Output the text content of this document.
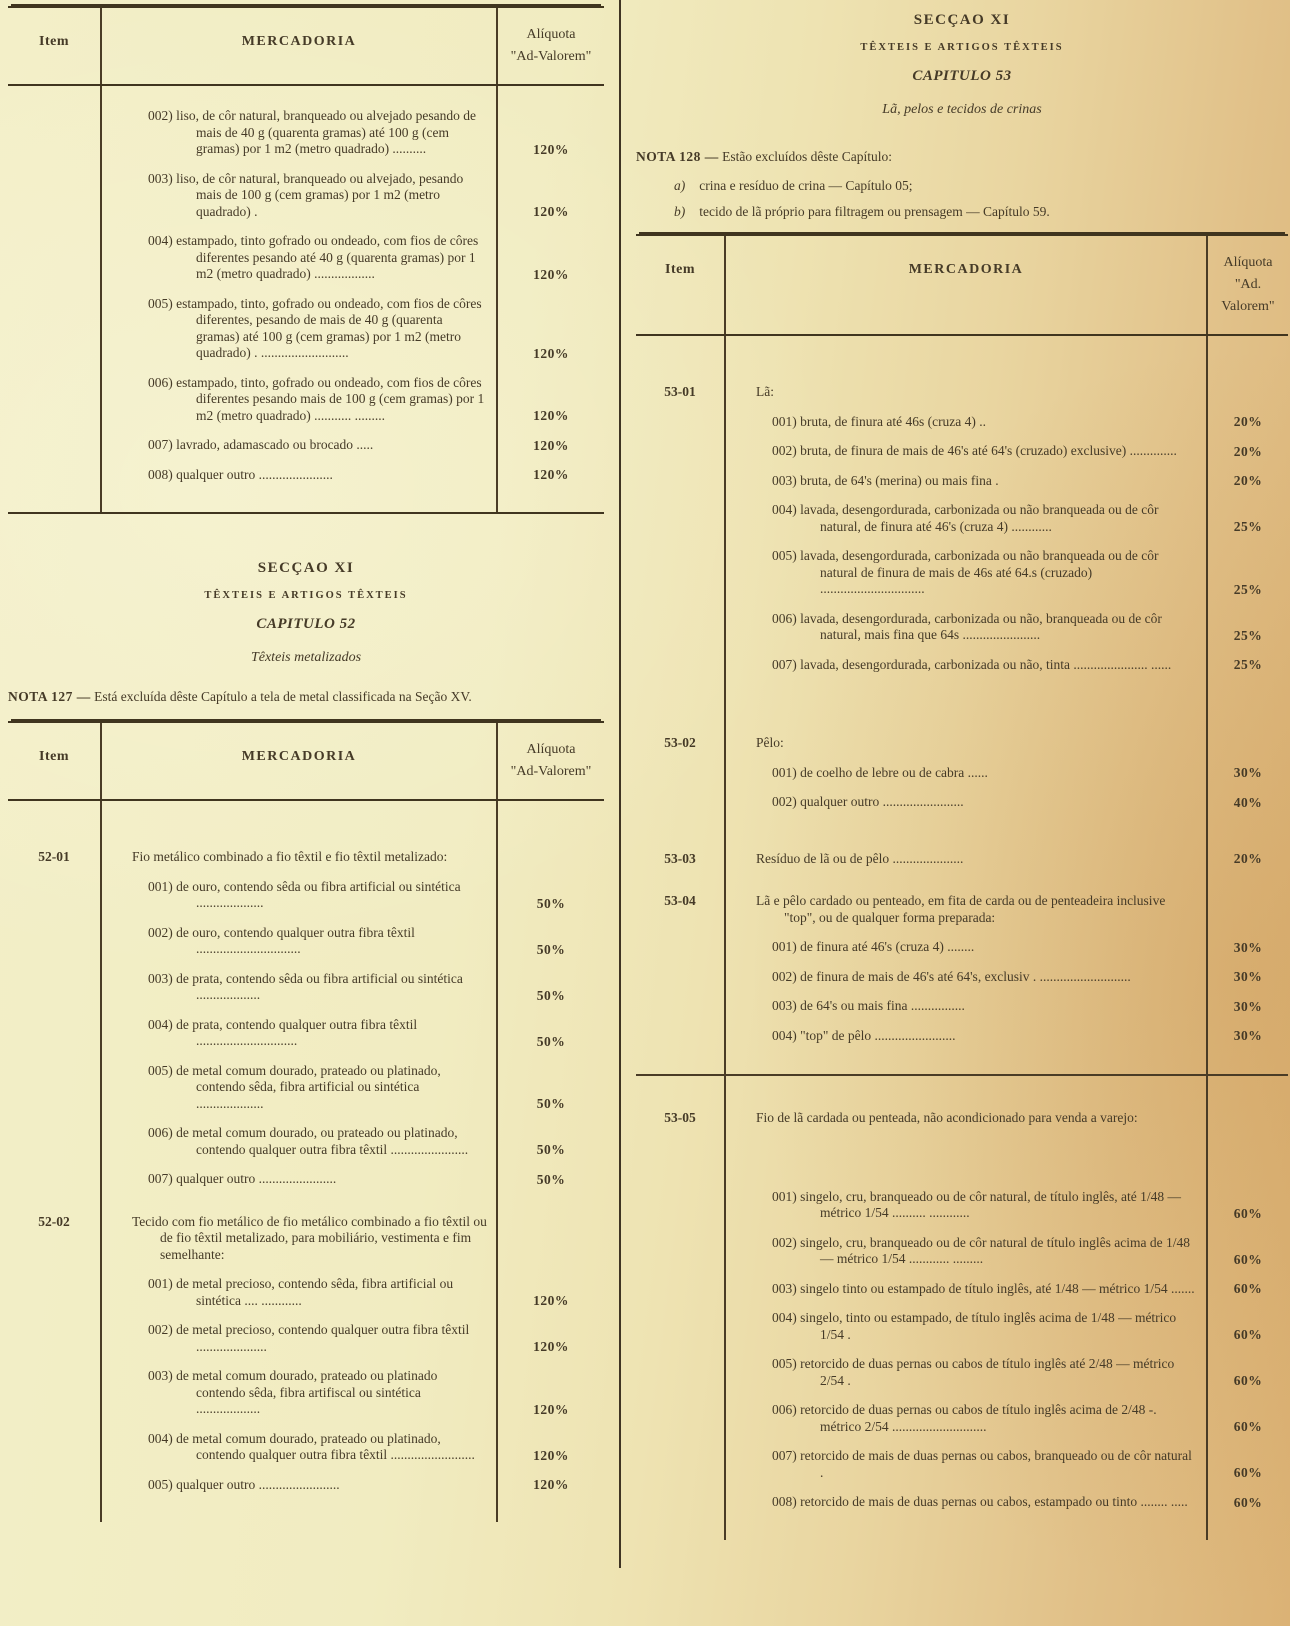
Item	MERCADORIA	Alíquota
"Ad-Valorem"
002) liso, de côr natural, branqueado ou alvejado pesando de mais de 40 g (quarenta gramas) até 100 g (cem gramas) por 1 m2 (metro quadrado) ..........	120%
003) liso, de côr natural, branqueado ou alvejado, pesando mais de 100 g (cem gramas) por 1 m2 (metro quadrado) .	120%
004) estampado, tinto gofrado ou ondeado, com fios de côres diferentes pesando até 40 g (quarenta gramas) por 1 m2 (metro quadrado) ..................	120%
005) estampado, tinto, gofrado ou ondeado, com fios de côres diferentes, pesando de mais de 40 g (quarenta gramas) até 100 g (cem gramas) por 1 m2 (metro quadrado) . ..........................	120%
006) estampado, tinto, gofrado ou ondeado, com fios de côres diferentes pesando mais de 100 g (cem gramas) por 1 m2 (metro quadrado) ........... .........	120%
007) lavrado, adamascado ou brocado .....	120%
008) qualquer outro ......................	120%
SECÇAO XI
TÊXTEIS E ARTIGOS TÊXTEIS
CAPITULO 52
Têxteis metalizados
NOTA 127 — Está excluída dêste Capítulo a tela de metal classificada na Seção XV.
Item	MERCADORIA	Alíquota
"Ad-Valorem"
52-01	Fio metálico combinado a fio têxtil e fio têxtil metalizado:
001) de ouro, contendo sêda ou fibra artificial ou sintética ....................	50%
002) de ouro, contendo qualquer outra fibra têxtil ...............................	50%
003) de prata, contendo sêda ou fibra artificial ou sintética ...................	50%
004) de prata, contendo qualquer outra fibra têxtil ..............................	50%
005) de metal comum dourado, prateado ou platinado, contendo sêda, fibra artificial ou sintética ....................	50%
006) de metal comum dourado, ou prateado ou platinado, contendo qualquer outra fibra têxtil .......................	50%
007) qualquer outro .......................	50%
52-02	Tecido com fio metálico de fio metálico combinado a fio têxtil ou de fio têxtil metalizado, para mobiliário, vestimenta e fim semelhante:
001) de metal precioso, contendo sêda, fibra artificial ou sintética .... ............	120%
002) de metal precioso, contendo qualquer outra fibra têxtil .....................	120%
003) de metal comum dourado, prateado ou platinado contendo sêda, fibra artifiscal ou sintética ...................	120%
004) de metal comum dourado, prateado ou platinado, contendo qualquer outra fibra têxtil .........................	120%
005) qualquer outro ........................	120%
SECÇAO XI
TÊXTEIS E ARTIGOS TÊXTEIS
CAPITULO 53
Lã, pelos e tecidos de crinas
NOTA 128 — Estão excluídos dêste Capítulo:
a) crina e resíduo de crina — Capítulo 05;
b) tecido de lã próprio para filtragem ou prensagem — Capítulo 59.
Item	MERCADORIA	Alíquota
"Ad. Valorem"
53-01	Lã:
001) bruta, de finura até 46s (cruza 4) ..	20%
002) bruta, de finura de mais de 46's até 64's (cruzado) exclusive) ..............	20%
003) bruta, de 64's (merina) ou mais fina .	20%
004) lavada, desengordurada, carbonizada ou não branqueada ou de côr natural, de finura até 46's (cruza 4) ............	25%
005) lavada, desengordurada, carbonizada ou não branqueada ou de côr natural de finura de mais de 46s até 64.s (cruzado) ...............................	25%
006) lavada, desengordurada, carbonizada ou não, branqueada ou de côr natural, mais fina que 64s .......................	25%
007) lavada, desengordurada, carbonizada ou não, tinta ...................... ......	25%
53-02	Pêlo:
001) de coelho de lebre ou de cabra ......	30%
002) qualquer outro ........................	40%
53-03	Resíduo de lã ou de pêlo .....................	20%
53-04	Lã e pêlo cardado ou penteado, em fita de carda ou de penteadeira inclusive "top", ou de qualquer forma preparada:
001) de finura até 46's (cruza 4) ........	30%
002) de finura de mais de 46's até 64's, exclusiv . ...........................	30%
003) de 64's ou mais fina ................	30%
004) "top" de pêlo ........................	30%
53-05	Fio de lã cardada ou penteada, não acondicionado para venda a varejo:
001) singelo, cru, branqueado ou de côr natural, de título inglês, até 1/48 — métrico 1/54 .......... ............	60%
002) singelo, cru, branqueado ou de côr natural de título inglês acima de 1/48 — métrico 1/54 ............ .........	60%
003) singelo tinto ou estampado de título inglês, até 1/48 — métrico 1/54 .......	60%
004) singelo, tinto ou estampado, de título inglês acima de 1/48 — métrico 1/54 .	60%
005) retorcido de duas pernas ou cabos de título inglês até 2/48 — métrico 2/54 .	60%
006) retorcido de duas pernas ou cabos de título inglês acima de 2/48 -. métrico 2/54 ............................	60%
007) retorcido de mais de duas pernas ou cabos, branqueado ou de côr natural .	60%
008) retorcido de mais de duas pernas ou cabos, estampado ou tinto ........ .....	60%
